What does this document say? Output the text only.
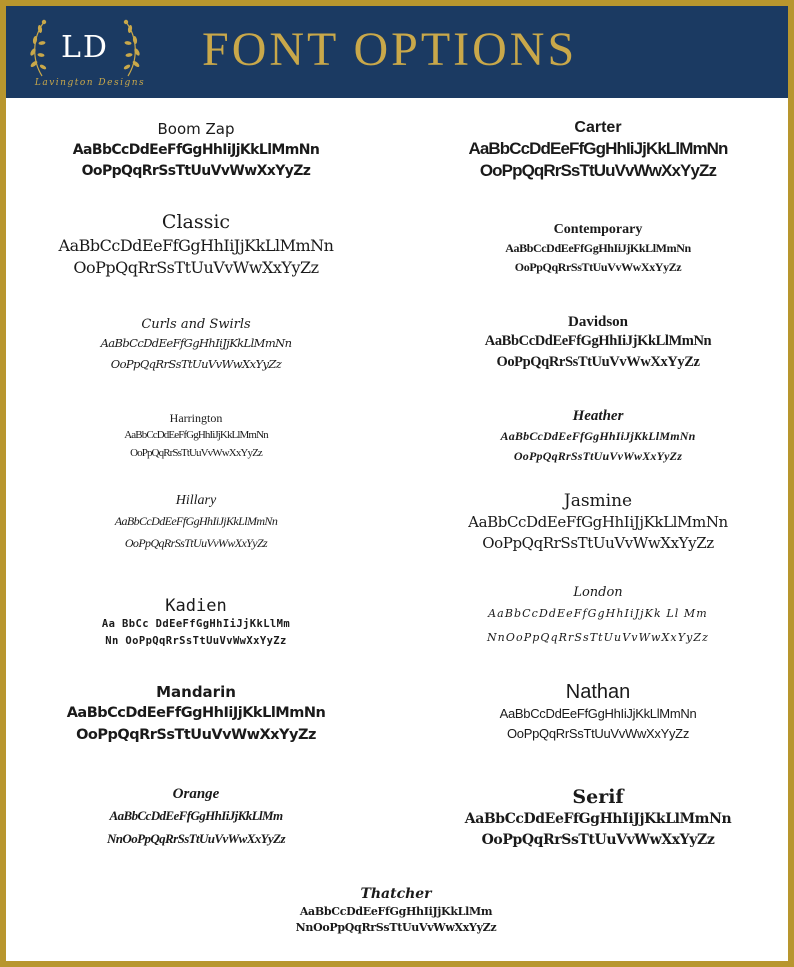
LD
Lavington Designs
FONT OPTIONS
Boom Zap
AaBbCcDdEeFfGgHhIiJjKkLlMmNn
OoPpQqRrSsTtUuVvWwXxYyZz
Carter
AaBbCcDdEeFfGgHhIiJjKkLlMmNn
OoPpQqRrSsTtUuVvWwXxYyZz
Classic
AaBbCcDdEeFfGgHhIiJjKkLlMmNn
OoPpQqRrSsTtUuVvWwXxYyZz
Contemporary
AaBbCcDdEeFfGgHhIiJjKkLlMmNn
OoPpQqRrSsTtUuVvWwXxYyZz
Curls and Swirls
AaBbCcDdEeFfGgHhIiJjKkLlMmNn
OoPpQqRrSsTtUuVvWwXxYyZz
Davidson
AaBbCcDdEeFfGgHhIiJjKkLlMmNn
OoPpQqRrSsTtUuVvWwXxYyZz
Harrington
AaBbCcDdEeFfGgHhIiJjKkLlMmNn
OoPpQqRrSsTtUuVvWwXxYyZz
Heather
AaBbCcDdEeFfGgHhIiJjKkLlMmNn
OoPpQqRrSsTtUuVvWwXxYyZz
Hillary
AaBbCcDdEeFfGgHhIiJjKkLlMmNn
OoPpQqRrSsTtUuVvWwXxYyZz
Jasmine
AaBbCcDdEeFfGgHhIiJjKkLlMmNn
OoPpQqRrSsTtUuVvWwXxYyZz
Kadien
Aa BbCc DdEeFfGgHhIiJjKkLlMm
Nn OoPpQqRrSsTtUuVvWwXxYyZz
London
AaBbCcDdEeFfGgHhIiJjKk Ll Mm
NnOoPpQqRrSsTtUuVvWwXxYyZz
Mandarin
AaBbCcDdEeFfGgHhIiJjKkLlMmNn
OoPpQqRrSsTtUuVvWwXxYyZz
Nathan
AaBbCcDdEeFfGgHhIiJjKkLlMmNn
OoPpQqRrSsTtUuVvWwXxYyZz
Orange
AaBbCcDdEeFfGgHhIiJjKkLlMm
NnOoPpQqRrSsTtUuVvWwXxYyZz
Serif
AaBbCcDdEeFfGgHhIiJjKkLlMmNn
OoPpQqRrSsTtUuVvWwXxYyZz
Thatcher
AaBbCcDdEeFfGgHhIiJjKkLlMm
NnOoPpQqRrSsTtUuVvWwXxYyZz
